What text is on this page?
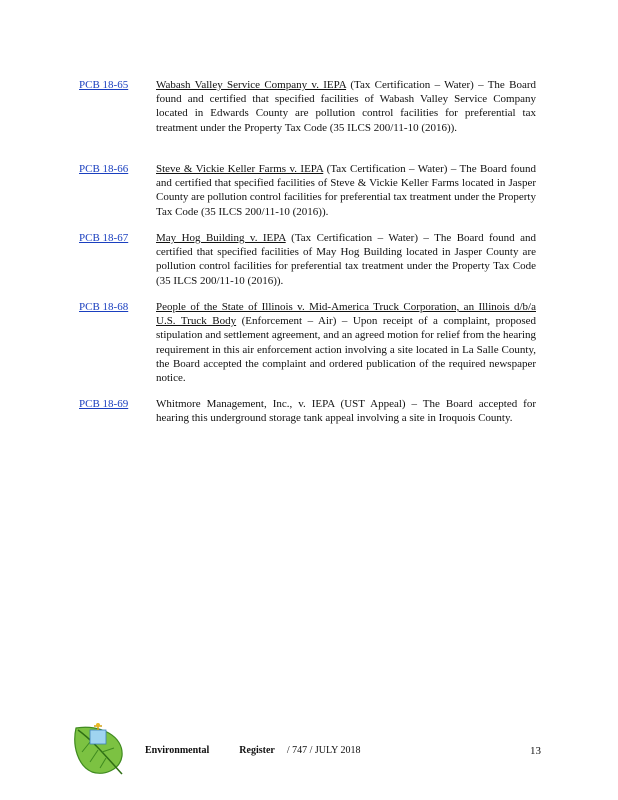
PCB 18-65	Wabash Valley Service Company v. IEPA (Tax Certification – Water) – The Board found and certified that specified facilities of Wabash Valley Service Company located in Edwards County are pollution control facilities for preferential tax treatment under the Property Tax Code (35 ILCS 200/11-10 (2016)).
PCB 18-66	Steve & Vickie Keller Farms v. IEPA (Tax Certification – Water) – The Board found and certified that specified facilities of Steve & Vickie Keller Farms located in Jasper County are pollution control facilities for preferential tax treatment under the Property Tax Code (35 ILCS 200/11-10 (2016)).
PCB 18-67	May Hog Building v. IEPA (Tax Certification – Water) – The Board found and certified that specified facilities of May Hog Building located in Jasper County are pollution control facilities for preferential tax treatment under the Property Tax Code (35 ILCS 200/11-10 (2016)).
PCB 18-68	People of the State of Illinois v. Mid-America Truck Corporation, an Illinois d/b/a U.S. Truck Body (Enforcement – Air) – Upon receipt of a complaint, proposed stipulation and settlement agreement, and an agreed motion for relief from the hearing requirement in this air enforcement action involving a site located in La Salle County, the Board accepted the complaint and ordered publication of the required newspaper notice.
PCB 18-69	Whitmore Management, Inc., v. IEPA (UST Appeal) – The Board accepted for hearing this underground storage tank appeal involving a site in Iroquois County.
Environmental	Register / 747 / JULY 2018	13
